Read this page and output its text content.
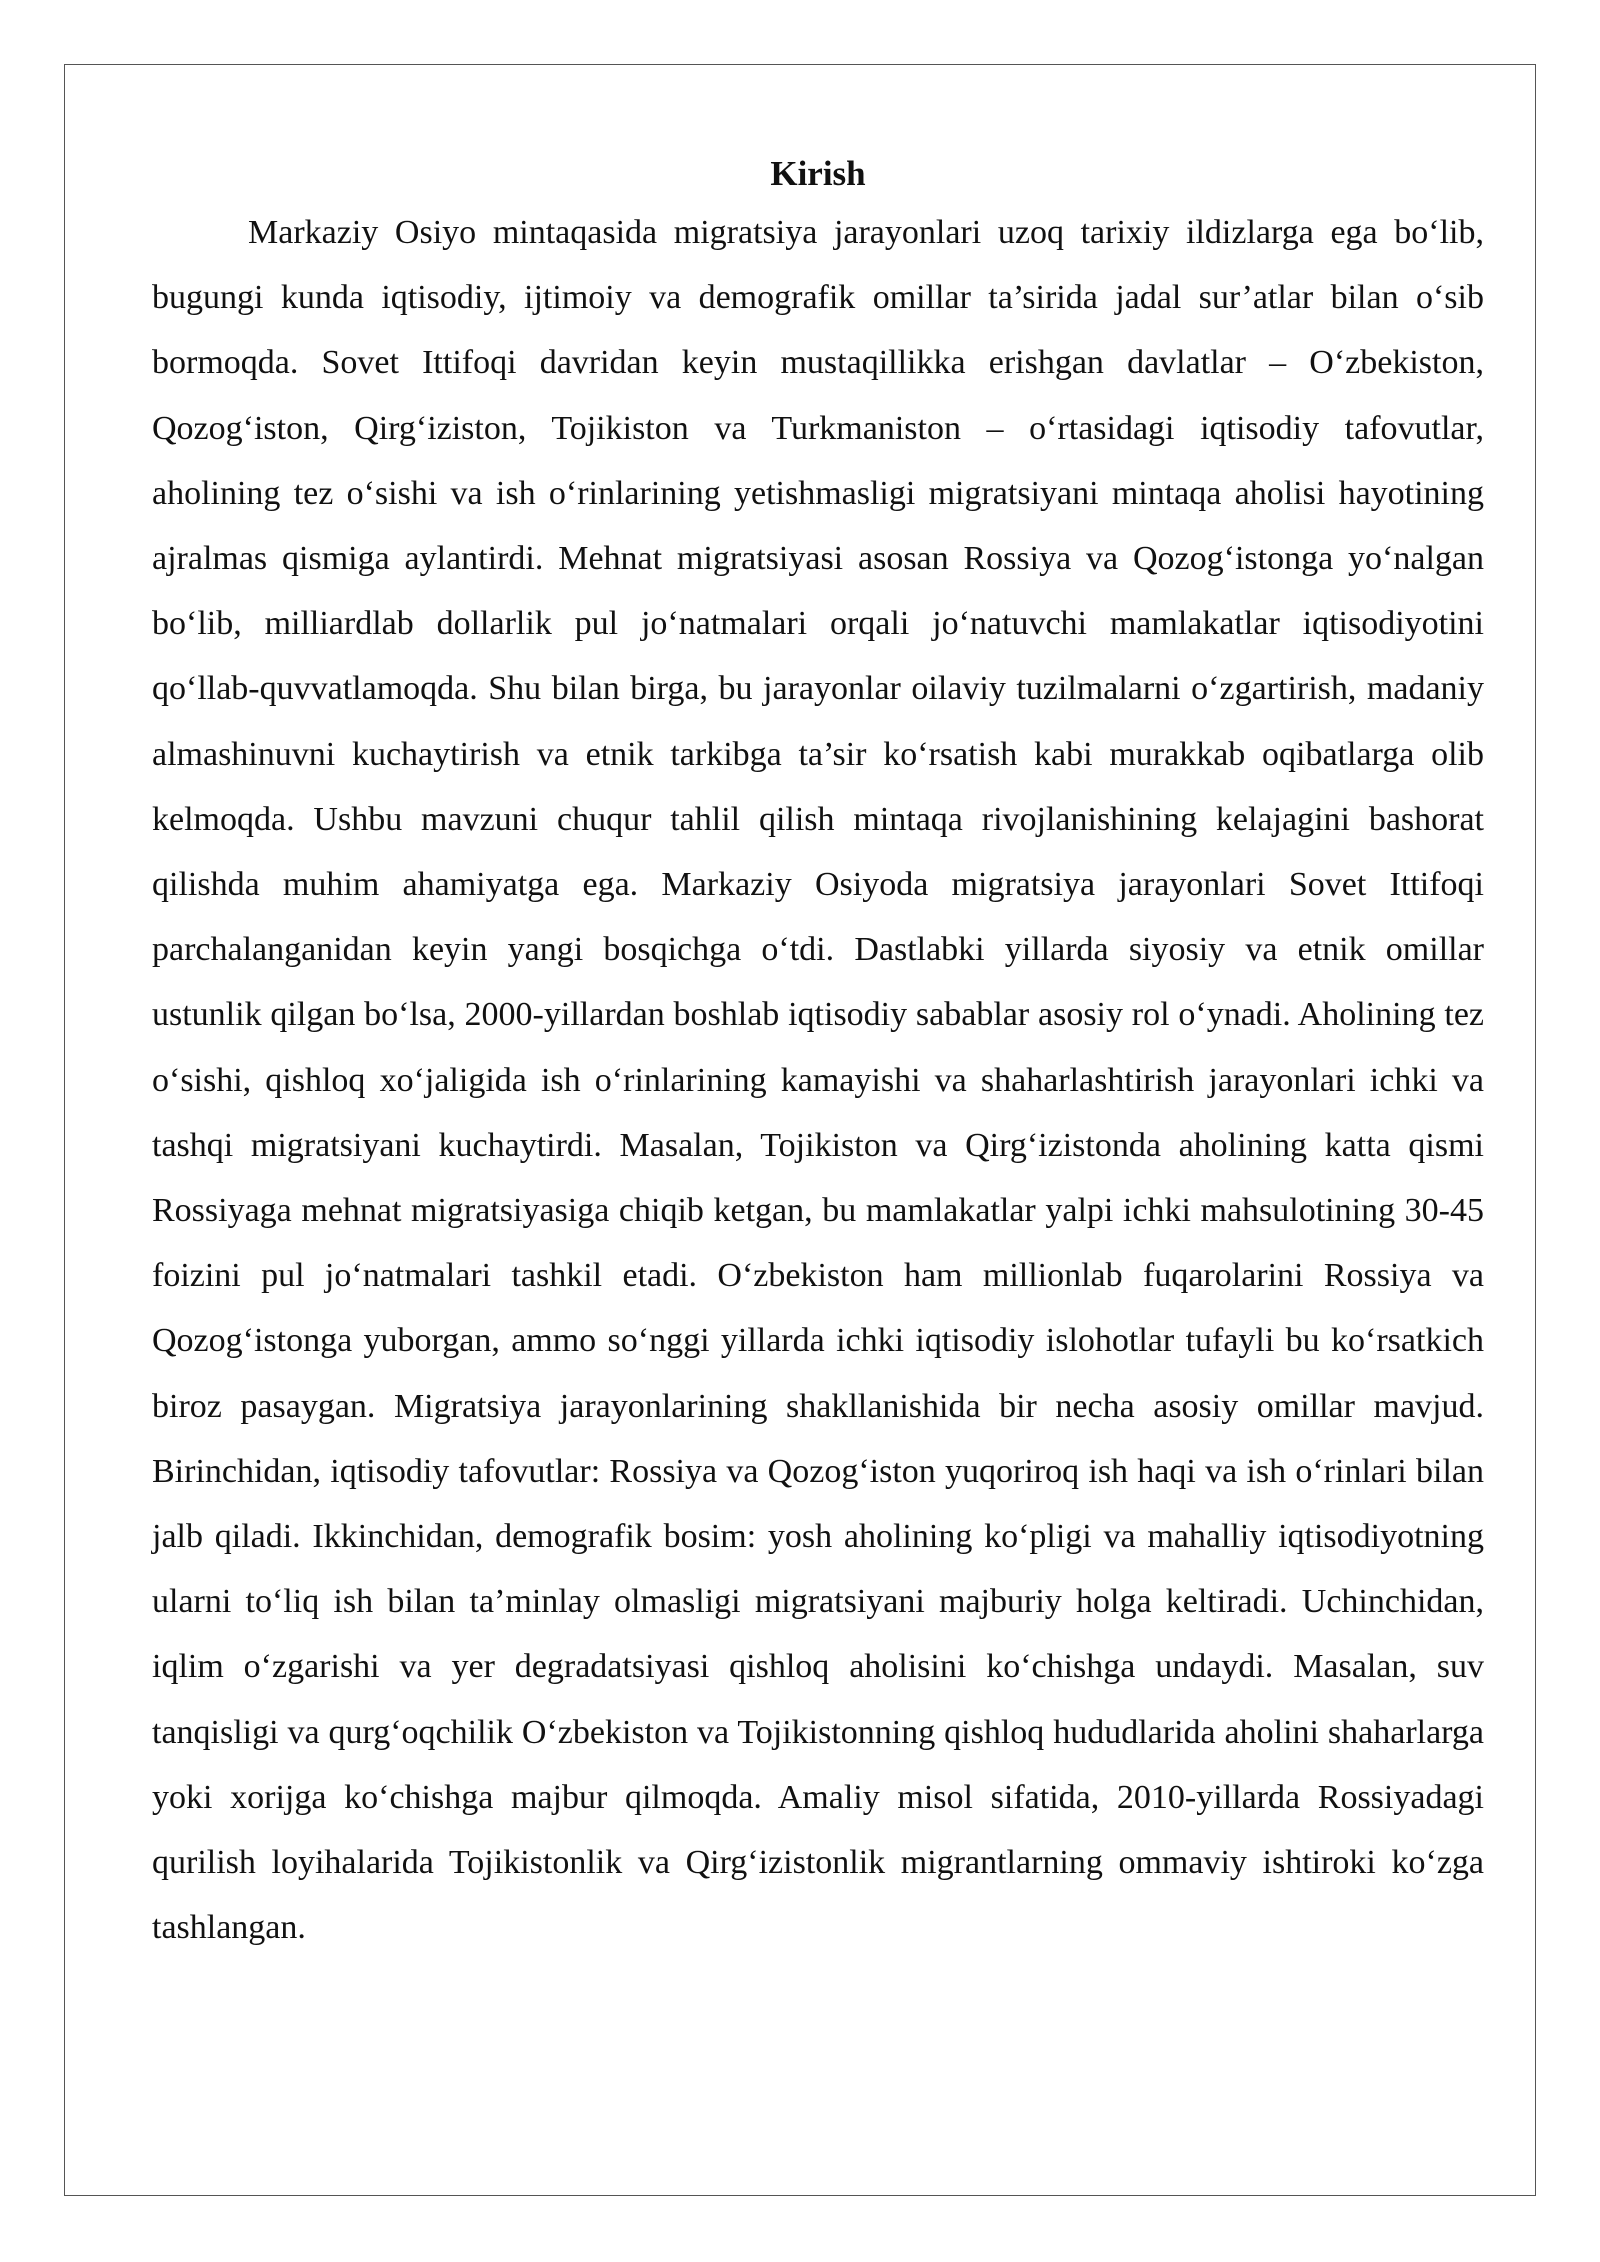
Kirish

Markaziy Osiyo mintaqasida migratsiya jarayonlari uzoq tarixiy ildizlarga ega bo‘lib, bugungi kunda iqtisodiy, ijtimoiy va demografik omillar ta’sirida jadal sur’atlar bilan o‘sib bormoqda. Sovet Ittifoqi davridan keyin mustaqillikka erishgan davlatlar – O‘zbekiston, Qozog‘iston, Qirg‘iziston, Tojikiston va Turkmaniston – o‘rtasidagi iqtisodiy tafovutlar, aholining tez o‘sishi va ish o‘rinlarining yetishmasligi migratsiyani mintaqa aholisi hayotining ajralmas qismiga aylantirdi. Mehnat migratsiyasi asosan Rossiya va Qozog‘istonga yo‘nalgan bo‘lib, milliardlab dollarlik pul jo‘natmalari orqali jo‘natuvchi mamlakatlar iqtisodiyotini qo‘llab-quvvatlamoqda. Shu bilan birga, bu jarayonlar oilaviy tuzilmalarni o‘zgartirish, madaniy almashinuvni kuchaytirish va etnik tarkibga ta’sir ko‘rsatish kabi murakkab oqibatlarga olib kelmoqda. Ushbu mavzuni chuqur tahlil qilish mintaqa rivojlanishining kelajagini bashorat qilishda muhim ahamiyatga ega. Markaziy Osiyoda migratsiya jarayonlari Sovet Ittifoqi parchalanganidan keyin yangi bosqichga o‘tdi. Dastlabki yillarda siyosiy va etnik omillar ustunlik qilgan bo‘lsa, 2000-yillardan boshlab iqtisodiy sabablar asosiy rol o‘ynadi. Aholining tez o‘sishi, qishloq xo‘jaligida ish o‘rinlarining kamayishi va shaharlashtirish jarayonlari ichki va tashqi migratsiyani kuchaytirdi. Masalan, Tojikiston va Qirg‘izistonda aholining katta qismi Rossiyaga mehnat migratsiyasiga chiqib ketgan, bu mamlakatlar yalpi ichki mahsulotining 30-45 foizini pul jo‘natmalari tashkil etadi. O‘zbekiston ham millionlab fuqarolarini Rossiya va Qozog‘istonga yuborgan, ammo so‘nggi yillarda ichki iqtisodiy islohotlar tufayli bu ko‘rsatkich biroz pasaygan. Migratsiya jarayonlarining shakllanishida bir necha asosiy omillar mavjud. Birinchidan, iqtisodiy tafovutlar: Rossiya va Qozog‘iston yuqoriroq ish haqi va ish o‘rinlari bilan jalb qiladi. Ikkinchidan, demografik bosim: yosh aholining ko‘pligi va mahalliy iqtisodiyotning ularni to‘liq ish bilan ta’minlay olmasligi migratsiyani majburiy holga keltiradi. Uchinchidan, iqlim o‘zgarishi va yer degradatsiyasi qishloq aholisini ko‘chishga undaydi. Masalan, suv tanqisligi va qurg‘oqchilik O‘zbekiston va Tojikistonning qishloq hududlarida aholini shaharlarga yoki xorijga ko‘chishga majbur qilmoqda. Amaliy misol sifatida, 2010-yillarda Rossiyadagi qurilish loyihalarida Tojikistonlik va Qirg‘izistonlik migrantlarning ommaviy ishtiroki ko‘zga tashlangan.
